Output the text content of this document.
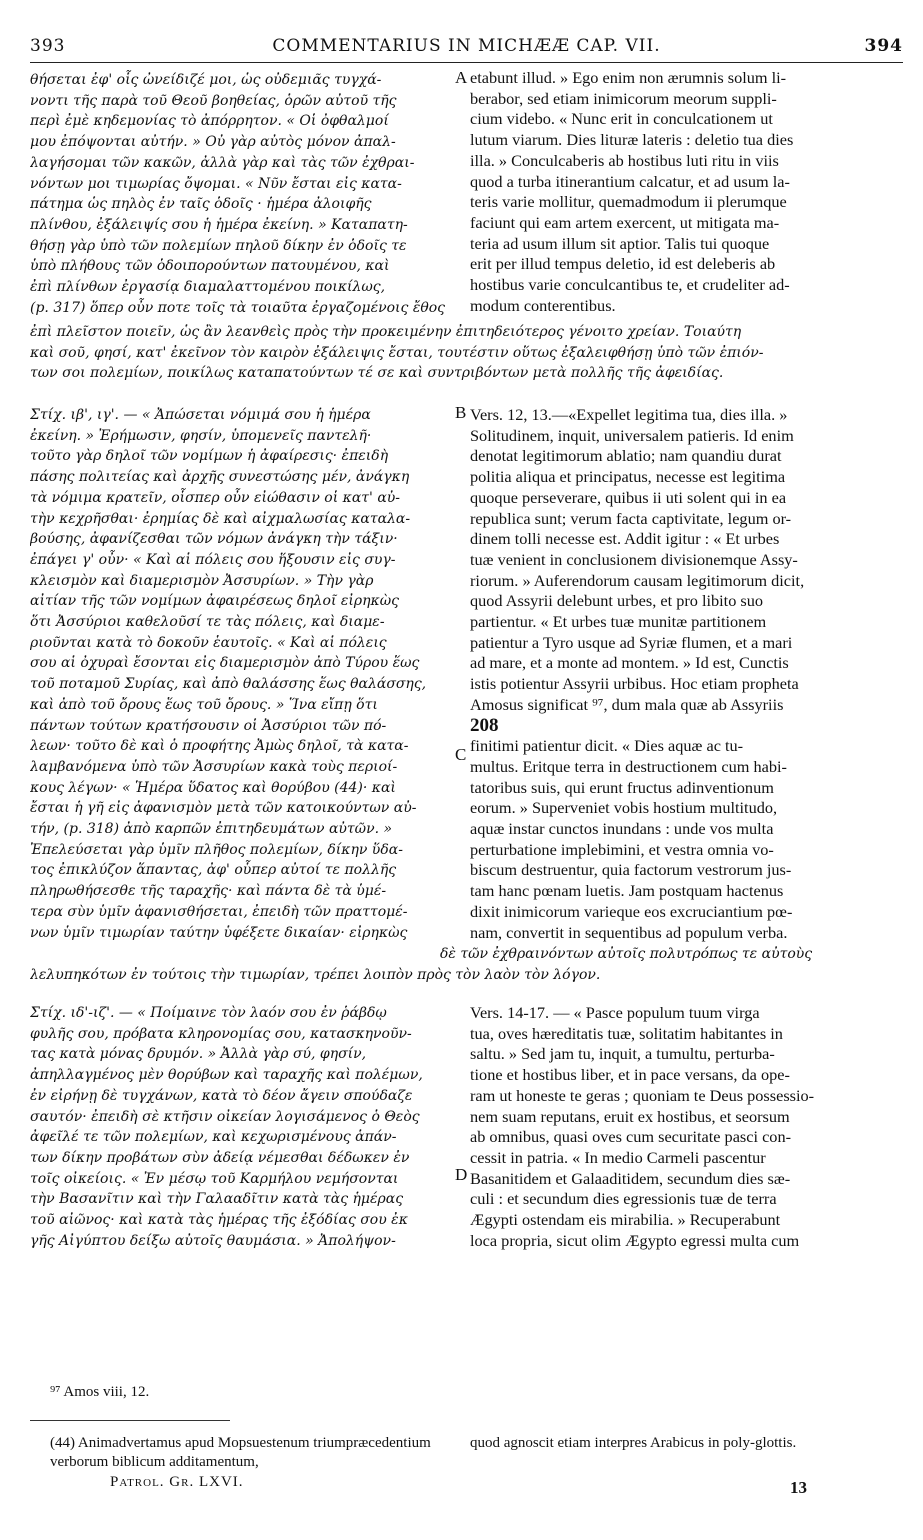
393	COMMENTARIUS IN MICHÆÆ CAP. VII.	394
θήσεται ἐφ' οἷς ὠνείδιζέ μοι, ὡς οὐδεμιᾶς τυγχά-
νοντι τῆς παρὰ τοῦ Θεοῦ βοηθείας, ὁρῶν αὐτοῦ τῆς
περὶ ἐμὲ κηδεμονίας τὸ ἀπόρρητον. « Οἱ ὀφθαλμοί
μου ἐπόψονται αὐτήν. » Οὐ γὰρ αὐτὸς μόνον ἀπαλ-
λαγήσομαι τῶν κακῶν, ἀλλὰ γὰρ καὶ τὰς τῶν ἐχθραι-
νόντων μοι τιμωρίας ὄψομαι. « Νῦν ἔσται εἰς κατα-
πάτημα ὡς πηλὸς ἐν ταῖς ὁδοῖς · ἡμέρα ἀλοιφῆς
πλίνθου, ἐξάλειψίς σου ἡ ἡμέρα ἐκείνη. » Καταπατη-
θήσῃ γὰρ ὑπὸ τῶν πολεμίων πηλοῦ δίκην ἐν ὁδοῖς τε
ὑπὸ πλήθους τῶν ὁδοιπορούντων πατουμένου, καὶ
ἐπὶ πλίνθων ἐργασίᾳ διαμαλαττομένου ποικίλως,
(p. 317) ὅπερ οὖν ποτε τοῖς τὰ τοιαῦτα ἐργαζομένοις ἔθος
A etabunt illud. » Ego enim non ærumnis solum li-
berabor, sed etiam inimicorum meorum suppli-
cium videbo. « Nunc erit in conculcationem ut
lutum viarum. Dies lituræ lateris : deletio tua dies
illa. » Conculcaberis ab hostibus luti ritu in viis
quod a turba itinerantium calcatur, et ad usum la-
teris varie mollitur, quemadmodum ii plerumque
faciunt qui eam artem exercent, ut mitigata ma-
teria ad usum illum sit aptior. Talis tui quoque
erit per illud tempus deletio, id est deleberis ab
hostibus varie conculcantibus te, et crudeliter ad-
modum conterentibus.
ἐπὶ πλεῖστον ποιεῖν, ὡς ἂν λεανθεὶς πρὸς τὴν προκειμένην ἐπιτηδειότερος γένοιτο χρείαν. Τοιαύτη
καὶ σοῦ, φησί, κατ' ἐκεῖνον τὸν καιρὸν ἐξάλειψις ἔσται, τουτέστιν οὕτως ἐξαλειφθήσῃ ὑπὸ τῶν ἐπιόν-
των σοι πολεμίων, ποικίλως καταπατούντων τέ σε καὶ συντριβόντων μετὰ πολλῆς τῆς ἀφειδίας.
Στίχ. ιβ', ιγ'. — « Ἀπώσεται νόμιμά σου ἡ ἡμέρα
ἐκείνη. » Ἐρήμωσιν, φησίν, ὑπομενεῖς παντελῆ·
τοῦτο γὰρ δηλοῖ τῶν νομίμων ἡ ἀφαίρεσις· ἐπειδὴ
πάσης πολιτείας καὶ ἀρχῆς συνεστώσης μέν, ἀνάγκη
τὰ νόμιμα κρατεῖν, οἷσπερ οὖν εἰώθασιν οἱ κατ' αὐ-
τὴν κεχρῆσθαι· ἐρημίας δὲ καὶ αἰχμαλωσίας καταλα-
βούσης, ἀφανίζεσθαι τῶν νόμων ἀνάγκη τὴν τάξιν·
ἐπάγει γ' οὖν· « Καὶ αἱ πόλεις σου ἥξουσιν εἰς συγ-
κλεισμὸν καὶ διαμερισμὸν Ἀσσυρίων. » Τὴν γὰρ
αἰτίαν τῆς τῶν νομίμων ἀφαιρέσεως δηλοῖ εἰρηκὼς
ὅτι Ἀσσύριοι καθελοῦσί τε τὰς πόλεις, καὶ διαμε-
ριοῦνται κατὰ τὸ δοκοῦν ἑαυτοῖς. « Καὶ αἱ πόλεις
σου αἱ ὀχυραὶ ἔσονται εἰς διαμερισμὸν ἀπὸ Τύρου ἕως
τοῦ ποταμοῦ Συρίας, καὶ ἀπὸ θαλάσσης ἕως θαλάσσης,
καὶ ἀπὸ τοῦ ὄρους ἕως τοῦ ὄρους. » Ἵνα εἴπῃ ὅτι
πάντων τούτων κρατήσουσιν οἱ Ἀσσύριοι τῶν πό-
λεων· τοῦτο δὲ καὶ ὁ προφήτης Ἀμὼς δηλοῖ, τὰ κατα-
λαμβανόμενα ὑπὸ τῶν Ἀσσυρίων κακὰ τοὺς περιοί-
κους λέγων· « Ἡμέρα ὕδατος καὶ θορύβου (44)· καὶ
ἔσται ἡ γῆ εἰς ἀφανισμὸν μετὰ τῶν κατοικούντων αὐ-
τήν, (p. 318) ἀπὸ καρπῶν ἐπιτηδευμάτων αὐτῶν. »
Ἐπελεύσεται γὰρ ὑμῖν πλῆθος πολεμίων, δίκην ὕδα-
τος ἐπικλύζον ἅπαντας, ἀφ' οὗπερ αὐτοί τε πολλῆς
πληρωθήσεσθε τῆς ταραχῆς· καὶ πάντα δὲ τὰ ὑμέ-
τερα σὺν ὑμῖν ἀφανισθήσεται, ἐπειδὴ τῶν πραττομέ-
νων ὑμῖν τιμωρίαν ταύτην ὑφέξετε δικαίαν· εἰρηκὼς
B
C
Vers. 12, 13.—«Expellet legitima tua, dies illa. »
Solitudinem, inquit, universalem patieris. Id enim
denotat legitimorum ablatio; nam quandiu durat
politia aliqua et principatus, necesse est legitima
quoque perseverare, quibus ii uti solent qui in ea
republica sunt; verum facta captivitate, legum or-
dinem tolli necesse est. Addit igitur : « Et urbes
tuæ venient in conclusionem divisionemque Assy-
riorum. » Auferendorum causam legitimorum dicit,
quod Assyrii delebunt urbes, et pro libito suo
partientur. « Et urbes tuæ munitæ partitionem
patientur a Tyro usque ad Syriæ flumen, et a mari
ad mare, et a monte ad montem. » Id est, Cunctis
istis potientur Assyrii urbibus. Hoc etiam propheta
Amosus significat ⁹⁷, dum mala quæ ab Assyriis
208
finitimi patientur dicit. « Dies aquæ ac tu-
multus. Eritque terra in destructionem cum habi-
tatoribus suis, qui erunt fructus adinventionum
eorum. » Superveniet vobis hostium multitudo,
aquæ instar cunctos inundans : unde vos multa
perturbatione implebimini, et vestra omnia vo-
biscum destruentur, quia factorum vestrorum jus-
tam hanc pœnam luetis. Jam postquam hactenus
dixit inimicorum varieque eos excruciantium pœ-
nam, convertit in sequentibus ad populum verba.
δὲ τῶν ἐχθραινόντων αὐτοῖς πολυτρόπως τε αὐτοὺς
λελυπηκότων ἐν τούτοις τὴν τιμωρίαν, τρέπει λοιπὸν πρὸς τὸν λαὸν τὸν λόγον.
Στίχ. ιδ'-ιζ'. — « Ποίμαινε τὸν λαόν σου ἐν ῥάβδῳ
φυλῆς σου, πρόβατα κληρονομίας σου, κατασκηνοῦν-
τας κατὰ μόνας δρυμόν. » Ἀλλὰ γὰρ σύ, φησίν,
ἀπηλλαγμένος μὲν θορύβων καὶ ταραχῆς καὶ πολέμων,
ἐν εἰρήνῃ δὲ τυγχάνων, κατὰ τὸ δέον ἄγειν σπούδαζε
σαυτόν· ἐπειδὴ σὲ κτῆσιν οἰκείαν λογισάμενος ὁ Θεὸς
ἀφεῖλέ τε τῶν πολεμίων, καὶ κεχωρισμένους ἁπάν-
των δίκην προβάτων σὺν ἀδείᾳ νέμεσθαι δέδωκεν ἐν
τοῖς οἰκείοις. « Ἐν μέσῳ τοῦ Καρμήλου νεμήσονται
τὴν Βασανῖτιν καὶ τὴν Γαλααδῖτιν κατὰ τὰς ἡμέρας
τοῦ αἰῶνος· καὶ κατὰ τὰς ἡμέρας τῆς ἐξόδίας σου ἐκ
γῆς Αἰγύπτου δείξω αὐτοῖς θαυμάσια. » Ἀπολήψον-
D
Vers. 14-17. — « Pasce populum tuum virga
tua, oves hæreditatis tuæ, solitatim habitantes in
saltu. » Sed jam tu, inquit, a tumultu, perturba-
tione et hostibus liber, et in pace versans, da ope-
ram ut honeste te geras ; quoniam te Deus possessio-
nem suam reputans, eruit ex hostibus, et seorsum
ab omnibus, quasi oves cum securitate pasci con-
cessit in patria. « In medio Carmeli pascentur
Basanitidem et Galaaditidem, secundum dies sæ-
culi : et secundum dies egressionis tuæ de terra
Ægypti ostendam eis mirabilia. » Recuperabunt
loca propria, sicut olim Ægypto egressi multa cum
⁹⁷ Amos viii, 12.
(44) Animadvertamus apud Mopsuestenum triumpræcedentium verborum biblicum additamentum,
quod agnoscit etiam interpres Arabicus in poly-glottis.
Patrol. Gr. LXVI.	13
